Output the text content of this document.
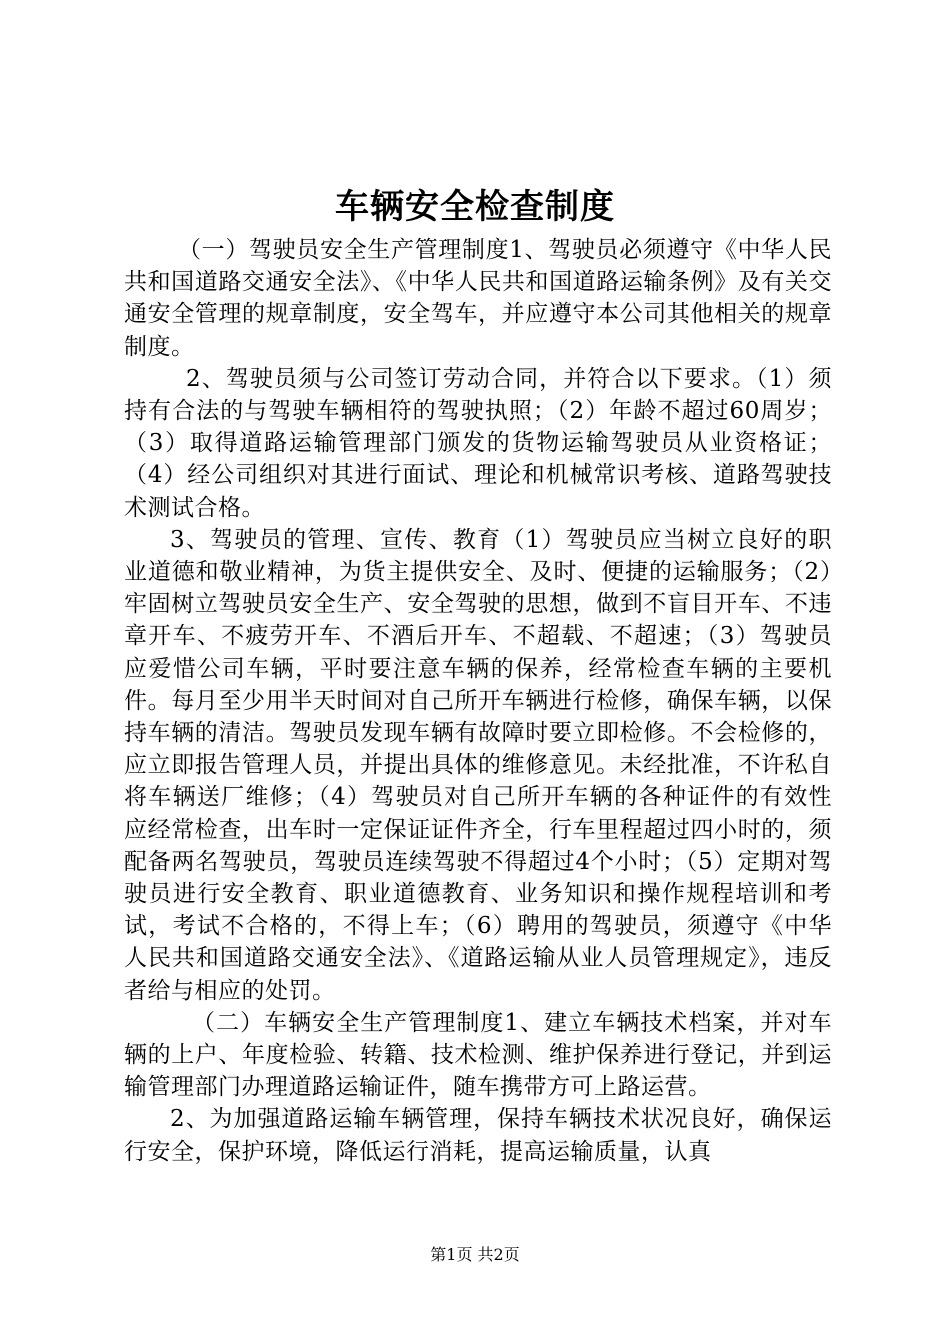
车辆安全检查制度

（一）驾驶员安全生产管理制度1、驾驶员必须遵守《中华人民共和国道路交通安全法》、《中华人民共和国道路运输条例》及有关交通安全管理的规章制度，安全驾车，并应遵守本公司其他相关的规章制度。

2、驾驶员须与公司签订劳动合同，并符合以下要求。（1）须持有合法的与驾驶车辆相符的驾驶执照；（2）年龄不超过60周岁；（3）取得道路运输管理部门颁发的货物运输驾驶员从业资格证；（4）经公司组织对其进行面试、理论和机械常识考核、道路驾驶技术测试合格。

3、驾驶员的管理、宣传、教育（1）驾驶员应当树立良好的职业道德和敬业精神，为货主提供安全、及时、便捷的运输服务；（2）牢固树立驾驶员安全生产、安全驾驶的思想，做到不盲目开车、不违章开车、不疲劳开车、不酒后开车、不超载、不超速；（3）驾驶员应爱惜公司车辆，平时要注意车辆的保养，经常检查车辆的主要机件。每月至少用半天时间对自己所开车辆进行检修，确保车辆，以保持车辆的清洁。驾驶员发现车辆有故障时要立即检修。不会检修的，应立即报告管理人员，并提出具体的维修意见。未经批准，不许私自将车辆送厂维修；（4）驾驶员对自己所开车辆的各种证件的有效性应经常检查，出车时一定保证证件齐全，行车里程超过四小时的，须配备两名驾驶员，驾驶员连续驾驶不得超过4个小时；（5）定期对驾驶员进行安全教育、职业道德教育、业务知识和操作规程培训和考试，考试不合格的，不得上车；（6）聘用的驾驶员，须遵守《中华人民共和国道路交通安全法》、《道路运输从业人员管理规定》，违反者给与相应的处罚。

（二）车辆安全生产管理制度1、建立车辆技术档案，并对车辆的上户、年度检验、转籍、技术检测、维护保养进行登记，并到运输管理部门办理道路运输证件，随车携带方可上路运营。

2、为加强道路运输车辆管理，保持车辆技术状况良好，确保运行安全，保护环境，降低运行消耗，提高运输质量，认真

第1页 共2页
